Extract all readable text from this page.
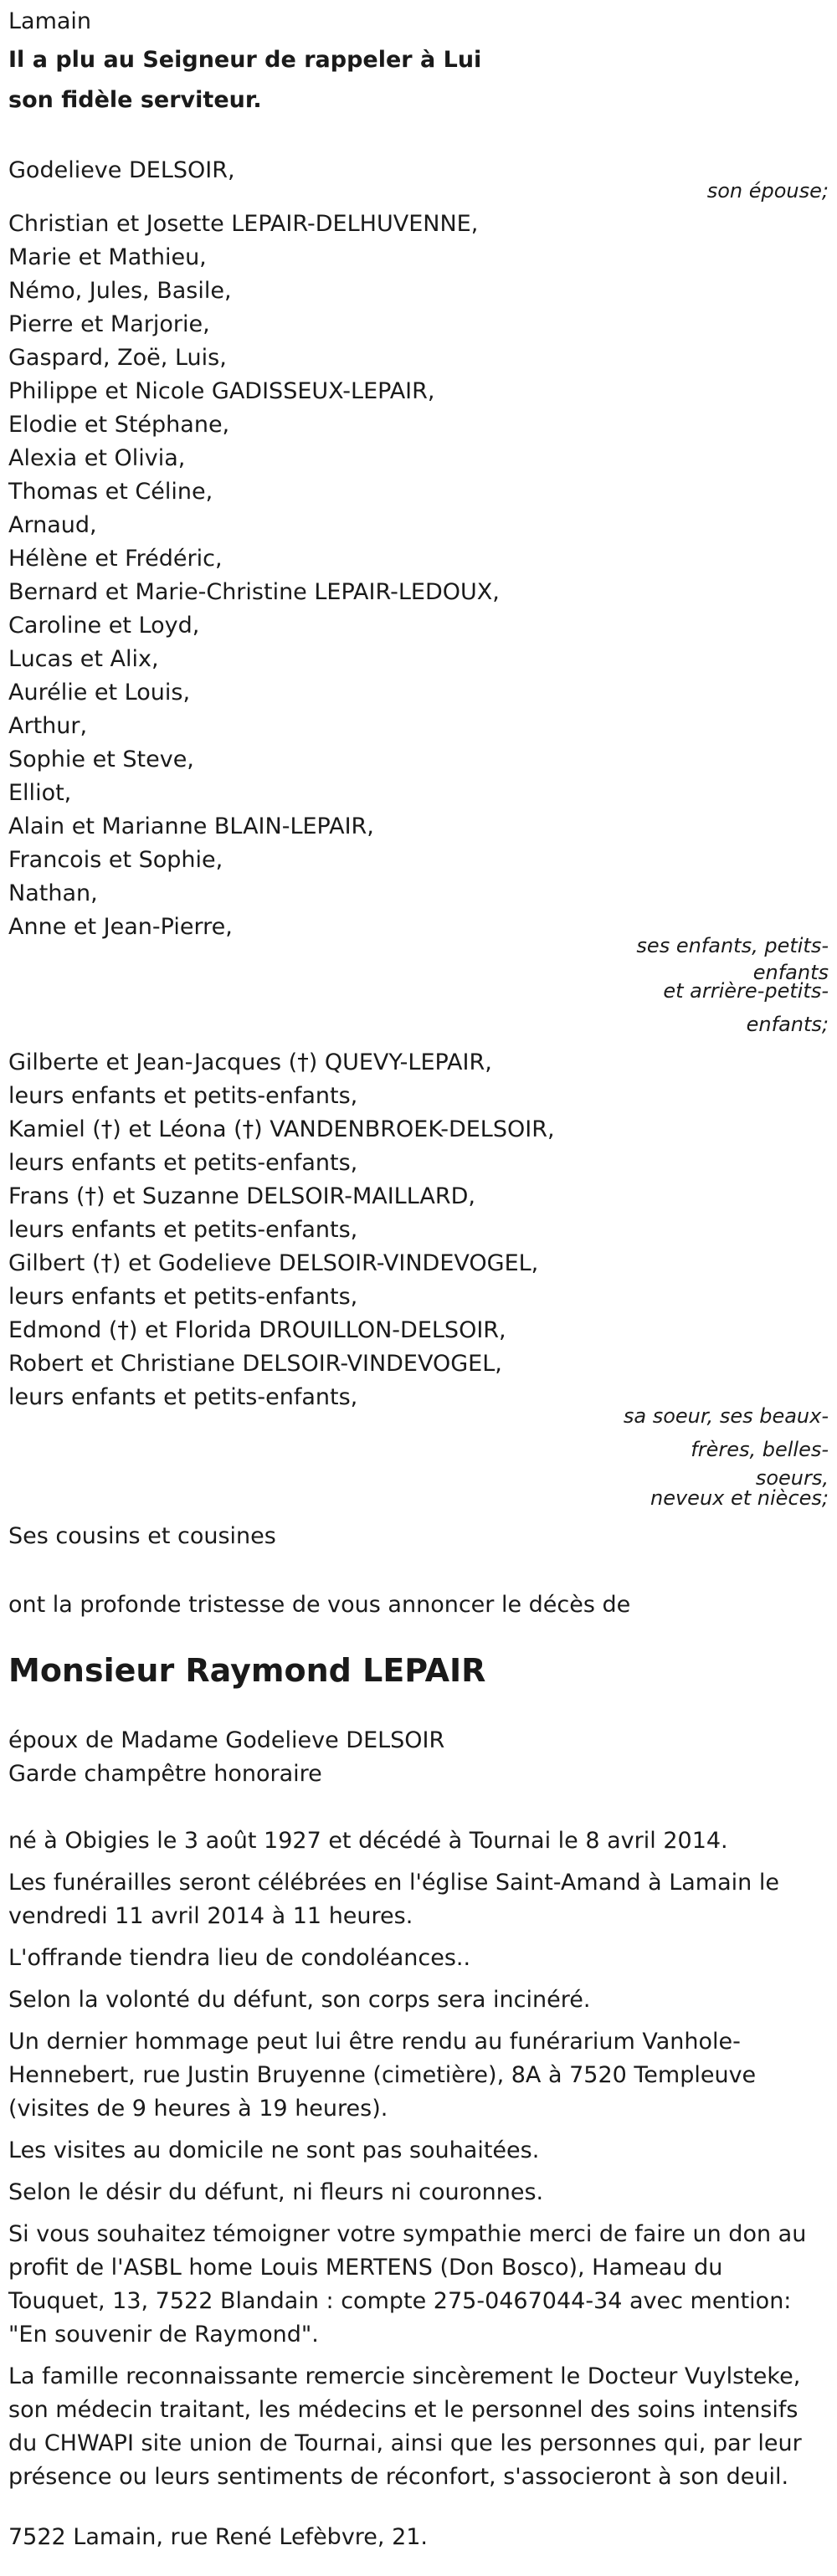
Lamain
Il a plu au Seigneur de rappeler à Lui
son fidèle serviteur.
Godelieve DELSOIR,
son épouse;
Christian et Josette LEPAIR-DELHUVENNE,
Marie et Mathieu,
Némo, Jules, Basile,
Pierre et Marjorie,
Gaspard, Zoë, Luis,
Philippe et Nicole GADISSEUX-LEPAIR,
Elodie et Stéphane,
Alexia et Olivia,
Thomas et Céline,
Arnaud,
Hélène et Frédéric,
Bernard et Marie-Christine LEPAIR-LEDOUX,
Caroline et Loyd,
Lucas et Alix,
Aurélie et Louis,
Arthur,
Sophie et Steve,
Elliot,
Alain et Marianne BLAIN-LEPAIR,
Francois et Sophie,
Nathan,
Anne et Jean-Pierre,
ses enfants, petits-
enfants
et arrière-petits-
enfants;
Gilberte et Jean-Jacques (†) QUEVY-LEPAIR,
leurs enfants et petits-enfants,
Kamiel (†) et Léona (†) VANDENBROEK-DELSOIR,
leurs enfants et petits-enfants,
Frans (†) et Suzanne DELSOIR-MAILLARD,
leurs enfants et petits-enfants,
Gilbert (†) et Godelieve DELSOIR-VINDEVOGEL,
leurs enfants et petits-enfants,
Edmond (†) et Florida DROUILLON-DELSOIR,
Robert et Christiane DELSOIR-VINDEVOGEL,
leurs enfants et petits-enfants,
sa soeur, ses beaux-
frères, belles-
soeurs,
neveux et nièces;
Ses cousins et cousines
ont la profonde tristesse de vous annoncer le décès de
Monsieur Raymond LEPAIR
époux de Madame Godelieve DELSOIR
Garde champêtre honoraire
né à Obigies le 3 août 1927 et décédé à Tournai le 8 avril 2014.
Les funérailles seront célébrées en l'église Saint-Amand à Lamain le vendredi 11 avril 2014 à 11 heures.
L'offrande tiendra lieu de condoléances..
Selon la volonté du défunt, son corps sera incinéré.
Un dernier hommage peut lui être rendu au funérarium Vanhole-Hennebert, rue Justin Bruyenne (cimetière), 8A à 7520 Templeuve (visites de 9 heures à 19 heures).
Les visites au domicile ne sont pas souhaitées.
Selon le désir du défunt, ni fleurs ni couronnes.
Si vous souhaitez témoigner votre sympathie merci de faire un don au profit de l'ASBL home Louis MERTENS (Don Bosco), Hameau du Touquet, 13, 7522 Blandain : compte 275-0467044-34 avec mention: "En souvenir de Raymond".
La famille reconnaissante remercie sincèrement le Docteur Vuylsteke, son médecin traitant, les médecins et le personnel des soins intensifs du CHWAPI site union de Tournai, ainsi que les personnes qui, par leur présence ou leurs sentiments de réconfort, s'associeront à son deuil.
7522 Lamain, rue René Lefèbvre, 21.
